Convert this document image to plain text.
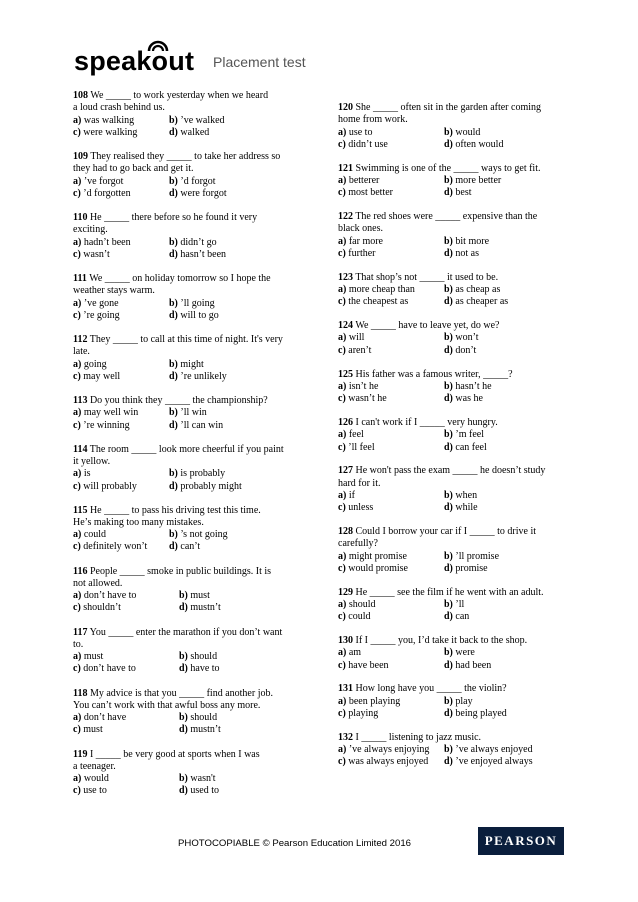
speakout Placement test
108 We _____ to work yesterday when we heard
a loud crash behind us.
a) was walking	b) ’ve walked
c) were walking	d) walked
109 They realised they _____ to take her address so
they had to go back and get it.
a) ’ve forgot	b) ’d forgot
c) ’d forgotten	d) were forgot
110 He _____ there before so he found it very
exciting.
a) hadn’t been	b) didn’t go
c) wasn’t	d) hasn’t been
111 We _____ on holiday tomorrow so I hope the
weather stays warm.
a) ’ve gone	b) ’ll going
c) ’re going	d) will to go
112 They _____ to call at this time of night. It's very
late.
a) going	b) might
c) may well	d) ’re unlikely
113 Do you think they _____ the championship?
a) may well win	b) ’ll win
c) ’re winning	d) ’ll can win
114 The room _____ look more cheerful if you paint
it yellow.
a) is	b) is probably
c) will probably	d) probably might
115 He _____ to pass his driving test this time.
He’s making too many mistakes.
a) could	b) ’s not going
c) definitely won’t	d) can’t
116 People _____ smoke in public buildings. It is
not allowed.
a) don’t have to	b) must
c) shouldn’t	d) mustn’t
117 You _____ enter the marathon if you don’t want
to.
a) must	b) should
c) don’t have to	d) have to
118 My advice is that you _____ find another job.
You can’t work with that awful boss any more.
a) don’t have	b) should
c) must	d) mustn’t
119 I _____ be very good at sports when I was
a teenager.
a) would	b) wasn't
c) use to	d) used to
120 She _____ often sit in the garden after coming
home from work.
a) use to	b) would
c) didn’t use	d) often would
121 Swimming is one of the _____ ways to get fit.
a) betterer	b) more better
c) most better	d) best
122 The red shoes were _____ expensive than the
black ones.
a) far more	b) bit more
c) further	d) not as
123 That shop’s not _____ it used to be.
a) more cheap than	b) as cheap as
c) the cheapest as	d) as cheaper as
124 We _____ have to leave yet, do we?
a) will	b) won’t
c) aren’t	d) don’t
125 His father was a famous writer, _____?
a) isn’t he	b) hasn’t he
c) wasn’t he	d) was he
126 I can't work if I _____ very hungry.
a) feel	b) ’m feel
c) ’ll feel	d) can feel
127 He won't pass the exam _____ he doesn’t study
hard for it.
a) if	b) when
c) unless	d) while
128 Could I borrow your car if I _____ to drive it
carefully?
a) might promise	b) ’ll promise
c) would promise	d) promise
129 He _____ see the film if he went with an adult.
a) should	b) ’ll
c) could	d) can
130 If I _____ you, I’d take it back to the shop.
a) am	b) were
c) have been	d) had been
131 How long have you _____ the violin?
a) been playing	b) play
c) playing	d) being played
132 I _____ listening to jazz music.
a) ’ve always enjoying	b) ’ve always enjoyed
c) was always enjoyed	d) ’ve enjoyed always
PHOTOCOPIABLE © Pearson Education Limited 2016	PEARSON
